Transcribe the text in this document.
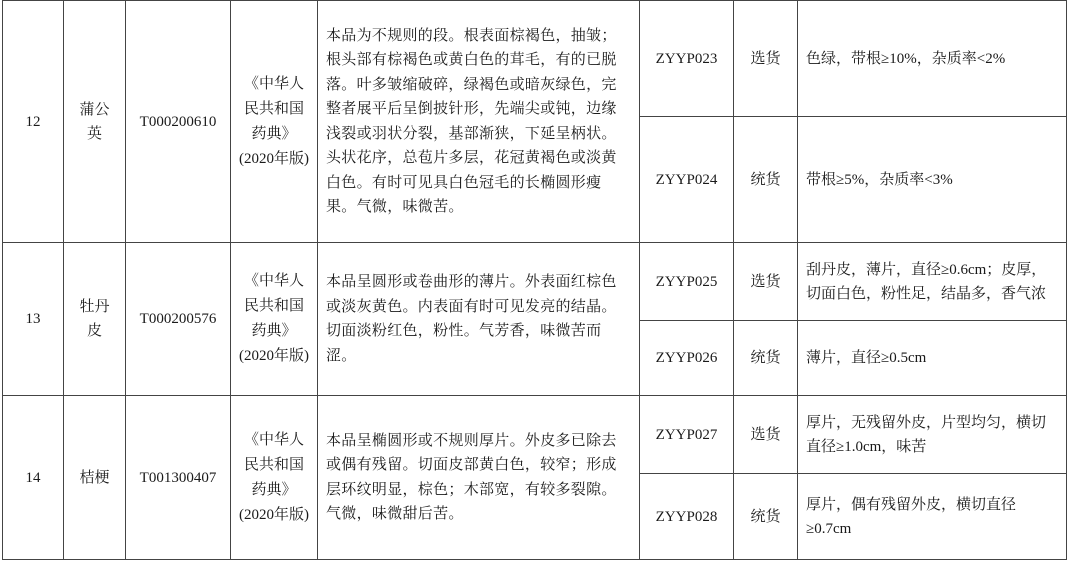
12	蒲公英	T000200610	《中华人民共和国药典》(2020年版)	本品为不规则的段。根表面棕褐色，抽皱；根头部有棕褐色或黄白色的茸毛，有的已脱落。叶多皱缩破碎，绿褐色或暗灰绿色，完整者展平后呈倒披针形，先端尖或钝，边缘浅裂或羽状分裂，基部渐狭，下延呈柄状。头状花序，总苞片多层，花冠黄褐色或淡黄白色。有时可见具白色冠毛的长椭圆形瘦果。气微，味微苦。	ZYYP023	选货	色绿，带根≥10%，杂质率<2%
					ZYYP024	统货	带根≥5%，杂质率<3%
13	牡丹皮	T000200576	《中华人民共和国药典》(2020年版)	本品呈圆形或卷曲形的薄片。外表面红棕色或淡灰黄色。内表面有时可见发亮的结晶。切面淡粉红色，粉性。气芳香，味微苦而涩。	ZYYP025	选货	刮丹皮，薄片，直径≥0.6cm；皮厚，切面白色，粉性足，结晶多，香气浓
					ZYYP026	统货	薄片，直径≥0.5cm
14	桔梗	T001300407	《中华人民共和国药典》(2020年版)	本品呈椭圆形或不规则厚片。外皮多已除去或偶有残留。切面皮部黄白色，较窄；形成层环纹明显，棕色；木部宽，有较多裂隙。气微，味微甜后苦。	ZYYP027	选货	厚片，无残留外皮，片型均匀，横切直径≥1.0cm，味苦
					ZYYP028	统货	厚片，偶有残留外皮，横切直径≥0.7cm
